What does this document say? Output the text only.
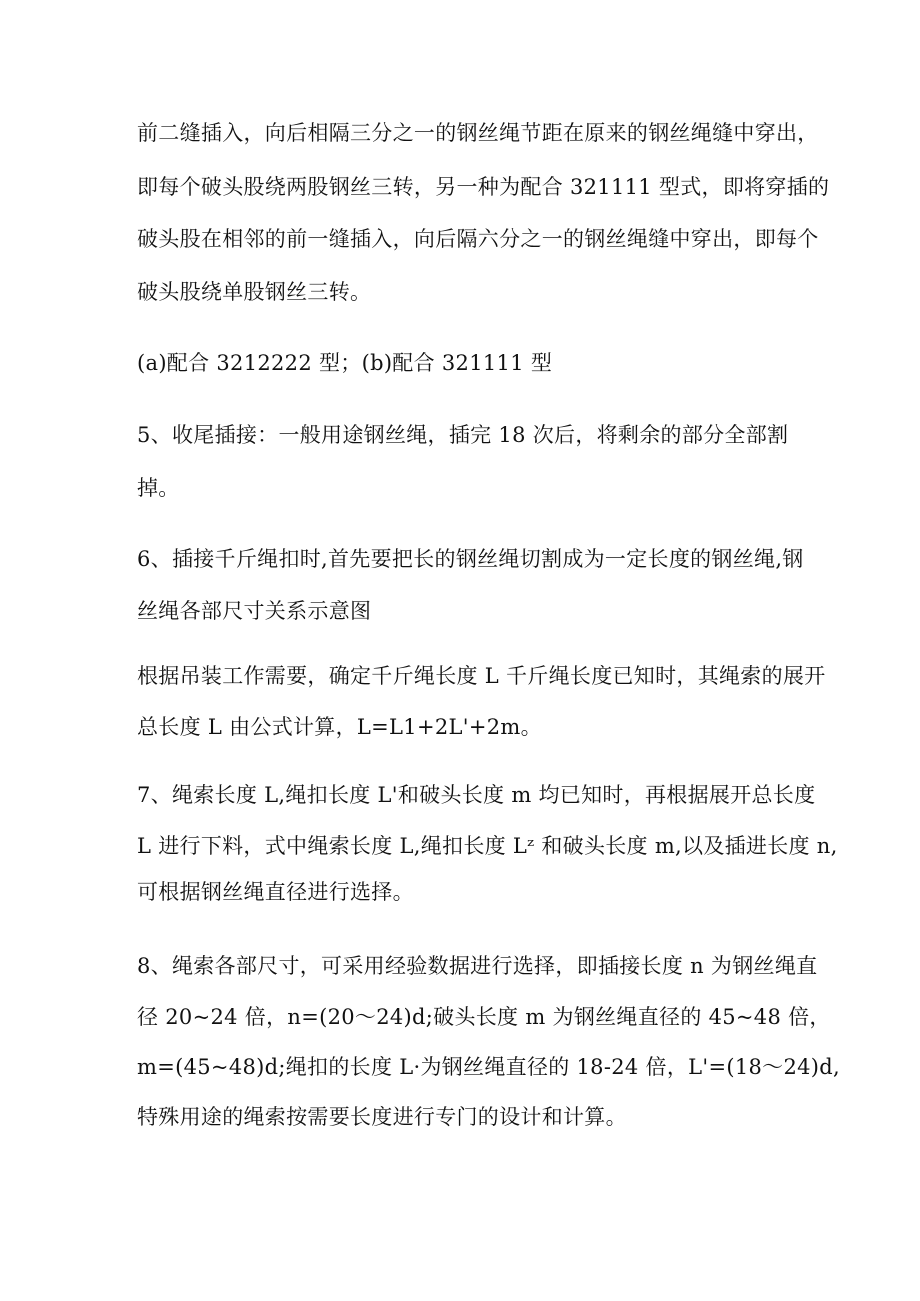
前二缝插入，向后相隔三分之一的钢丝绳节距在原来的钢丝绳缝中穿出，
即每个破头股绕两股钢丝三转，另一种为配合 321111 型式，即将穿插的
破头股在相邻的前一缝插入，向后隔六分之一的钢丝绳缝中穿出，即每个
破头股绕单股钢丝三转。
(a)配合 3212222 型；(b)配合 321111 型
5、收尾插接：一般用途钢丝绳，插完 18 次后，将剩余的部分全部割
掉。
6、插接千斤绳扣时,首先要把长的钢丝绳切割成为一定长度的钢丝绳,钢
丝绳各部尺寸关系示意图
根据吊装工作需要，确定千斤绳长度 L 千斤绳长度已知时，其绳索的展开
总长度 L 由公式计算，L=L1+2L'+2m。
7、绳索长度 L,绳扣长度 L'和破头长度 m 均已知时，再根据展开总长度
L 进行下料，式中绳索长度 L,绳扣长度 Lᶻ 和破头长度 m,以及插进长度 n,
可根据钢丝绳直径进行选择。
8、绳索各部尺寸，可采用经验数据进行选择，即插接长度 n 为钢丝绳直
径 20~24 倍，n=(20～24)d;破头长度 m 为钢丝绳直径的 45~48 倍，
m=(45~48)d;绳扣的长度 L·为钢丝绳直径的 18-24 倍，L'=(18～24)d,
特殊用途的绳索按需要长度进行专门的设计和计算。
